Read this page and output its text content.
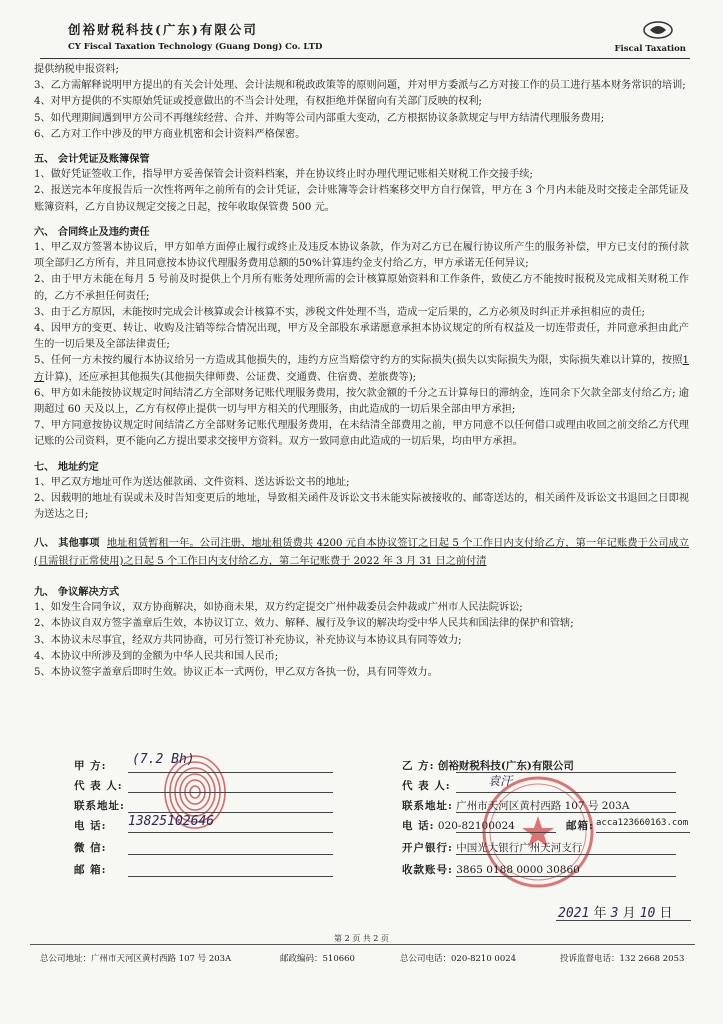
创裕财税科技(广东)有限公司
CY Fiscal Taxation Technology (Guang Dong) Co. LTD	Fiscal Taxation

提供纳税申报资料;

3、乙方需解释说明甲方提出的有关会计处理、会计法规和税政政策等的原则问题，并对甲方委派与乙方对接工作的员工进行基本财务常识的培训;

4、对甲方提供的不实原始凭证或授意做出的不当会计处理，有权拒绝并保留向有关部门反映的权利;

5、如代理期间遇到甲方公司不再继续经营、合并、并购等公司内部重大变动，乙方根据协议条款规定与甲方结清代理服务费用;

6、乙方对工作中涉及的甲方商业机密和会计资料严格保密。

五、 会计凭证及账簿保管

1、做好凭证签收工作，指导甲方妥善保管会计资料档案，并在协议终止时办理代理记账相关财税工作交接手续;

2、报送完本年度报告后一次性将两年之前所有的会计凭证，会计账簿等会计档案移交甲方自行保管，甲方在 3 个月内未能及时交接走全部凭证及账簿资料，乙方自协议规定交接之日起，按年收取保管费 500 元。

六、 合同终止及违约责任

1、甲乙双方签署本协议后，甲方如单方面停止履行或终止及违反本协议条款，作为对乙方已在履行协议所产生的服务补偿，甲方已支付的预付款项全部归乙方所有，并且同意按本协议代理服务费用总额的50%计算违约金支付给乙方，甲方承诺无任何异议;

2、由于甲方未能在每月 5 号前及时提供上个月所有账务处理所需的会计核算原始资料和工作条件，致使乙方不能按时报税及完成相关财税工作的，乙方不承担任何责任;

3、由于乙方原因，未能按时完成会计核算或会计核算不实，涉税文件处理不当，造成一定后果的，乙方必须及时纠正并承担相应的责任;

4、因甲方的变更、转让、收购及注销等综合情况出现，甲方及全部股东承诺愿意承担本协议规定的所有权益及一切连带责任，并同意承担由此产生的一切后果及全部法律责任;

5、任何一方未按约履行本协议给另一方造成其他损失的，违约方应当赔偿守约方的实际损失(损失以实际损失为限，实际损失难以计算的，按照1 方计算)，还应承担其他损失(其他损失律师费、公证费、交通费、住宿费、差旅费等);

6、甲方如未能按协议规定时间结清乙方全部财务记账代理服务费用，按欠款金额的千分之五计算每日的滞纳金，连同余下欠款全部支付给乙方; 逾期超过 60 天及以上，乙方有权停止提供一切与甲方相关的代理服务，由此造成的一切后果全部由甲方承担;

7、甲方同意按协议规定时间结清乙方全部财务记账代理服务费用，在未结清全部费用之前，甲方同意不以任何借口或理由收回之前交给乙方代理记账的公司资料，更不能向乙方提出要求交接甲方资料。双方一致同意由此造成的一切后果，均由甲方承担。

七、 地址约定

1、甲乙双方地址可作为送达催款函、文件资料、送达诉讼文书的地址;

2、因载明的地址有误或未及时告知变更后的地址，导致相关函件及诉讼文书未能实际被接收的、邮寄送达的，相关函件及诉讼文书退回之日即视为送达之日;

八、 其他事项 地址租赁暂租一年。公司注册、地址租赁费共 4200 元自本协议签订之日起 5 个工作日内支付给乙方，第一年记账费于公司成立(且需银行正常使用)之日起 5 个工作日内支付给乙方，第二年记账费于 2022 年 3 月 31 日之前付清

九、 争议解决方式

1、如发生合同争议，双方协商解决，如协商未果，双方约定提交广州仲裁委员会仲裁或广州市人民法院诉讼;

2、本协议自双方签字盖章后生效，本协议订立、效力、解释、履行及争议的解决均受中华人民共和国法律的保护和管辖;

3、本协议未尽事宜，经双方共同协商，可另行签订补充协议，补充协议与本协议具有同等效力;

4、本协议中所涉及到的金额为中华人民共和国人民币;

5、本协议签字盖章后即时生效。协议正本一式两份，甲乙双方各执一份，具有同等效力。

甲 方: (7.2 Bh)
代 表 人:
联系地址:
电 话: 13825102646
微 信:
邮 箱:
乙 方: 创裕财税科技(广东)有限公司
代 表 人:	袁汗
联系地址: 广州市天河区黄村西路 107 号 203A
电 话: 020-82100024	邮箱: acca123660163.com
开户银行: 中国光大银行广州天河支行
收款账号: 3865 0188 0000 30860
2021 年 3 月 10 日
第 2 页 共 2 页
总公司地址：广州市天河区黄村西路 107 号 203A	邮政编码：510660	总公司电话：020-8210 0024	投诉监督电话：132 2668 2053
